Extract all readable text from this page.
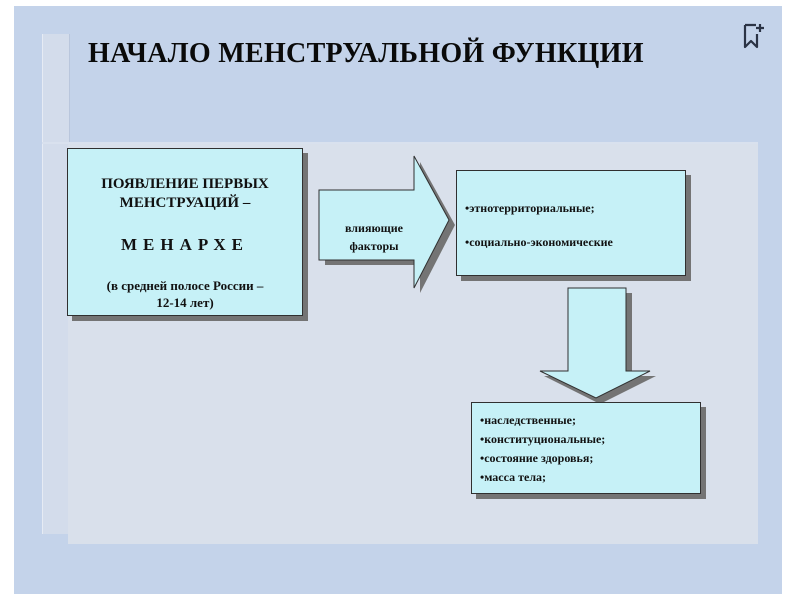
НАЧАЛО МЕНСТРУАЛЬНОЙ ФУНКЦИИ
влияющие
факторы
ПОЯВЛЕНИЕ ПЕРВЫХ
МЕНСТРУАЦИЙ –
МЕНАРХЕ
(в средней полосе России –
12-14 лет)
•этнотерриториальные;
•социально-экономические
•наследственные;
•конституциональные;
•состояние здоровья;
•масса тела;
